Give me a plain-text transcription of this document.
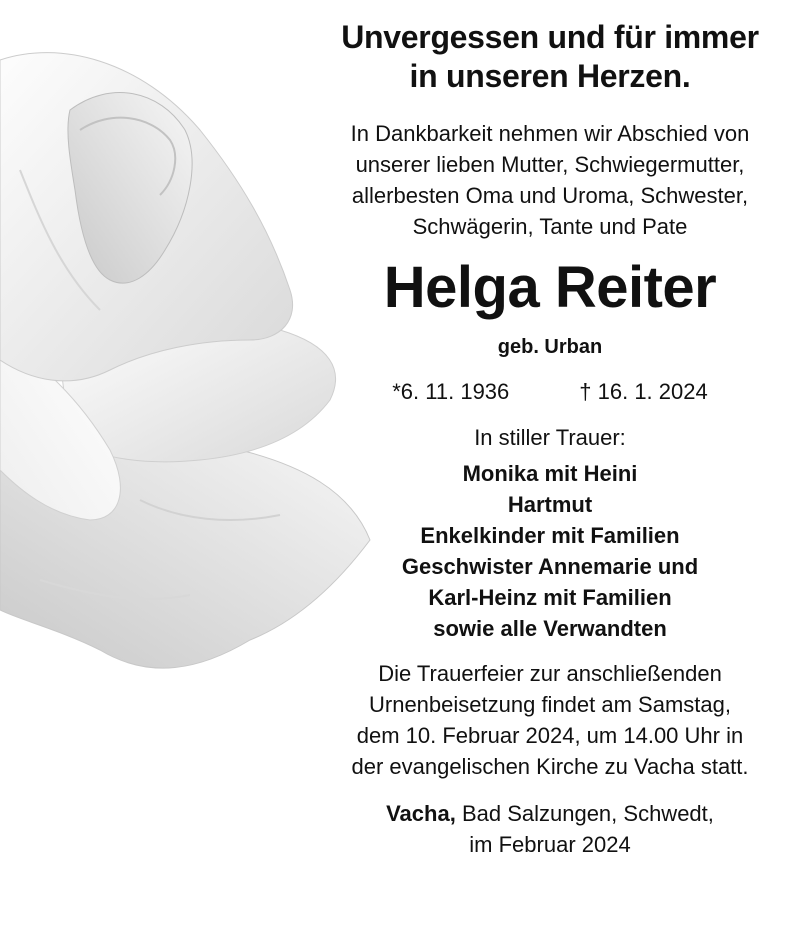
Unvergessen und für immer
in unseren Herzen.
In Dankbarkeit nehmen wir Abschied von
unserer lieben Mutter, Schwiegermutter,
allerbesten Oma und Uroma, Schwester,
Schwägerin, Tante und Pate
Helga Reiter
geb. Urban
*6. 11. 1936	† 16. 1. 2024
In stiller Trauer:
Monika mit Heini
Hartmut
Enkelkinder mit Familien
Geschwister Annemarie und
Karl-Heinz mit Familien
sowie alle Verwandten
Die Trauerfeier zur anschließenden
Urnenbeisetzung findet am Samstag,
dem 10. Februar 2024, um 14.00 Uhr in
der evangelischen Kirche zu Vacha statt.
Vacha, Bad Salzungen, Schwedt,
im Februar 2024
